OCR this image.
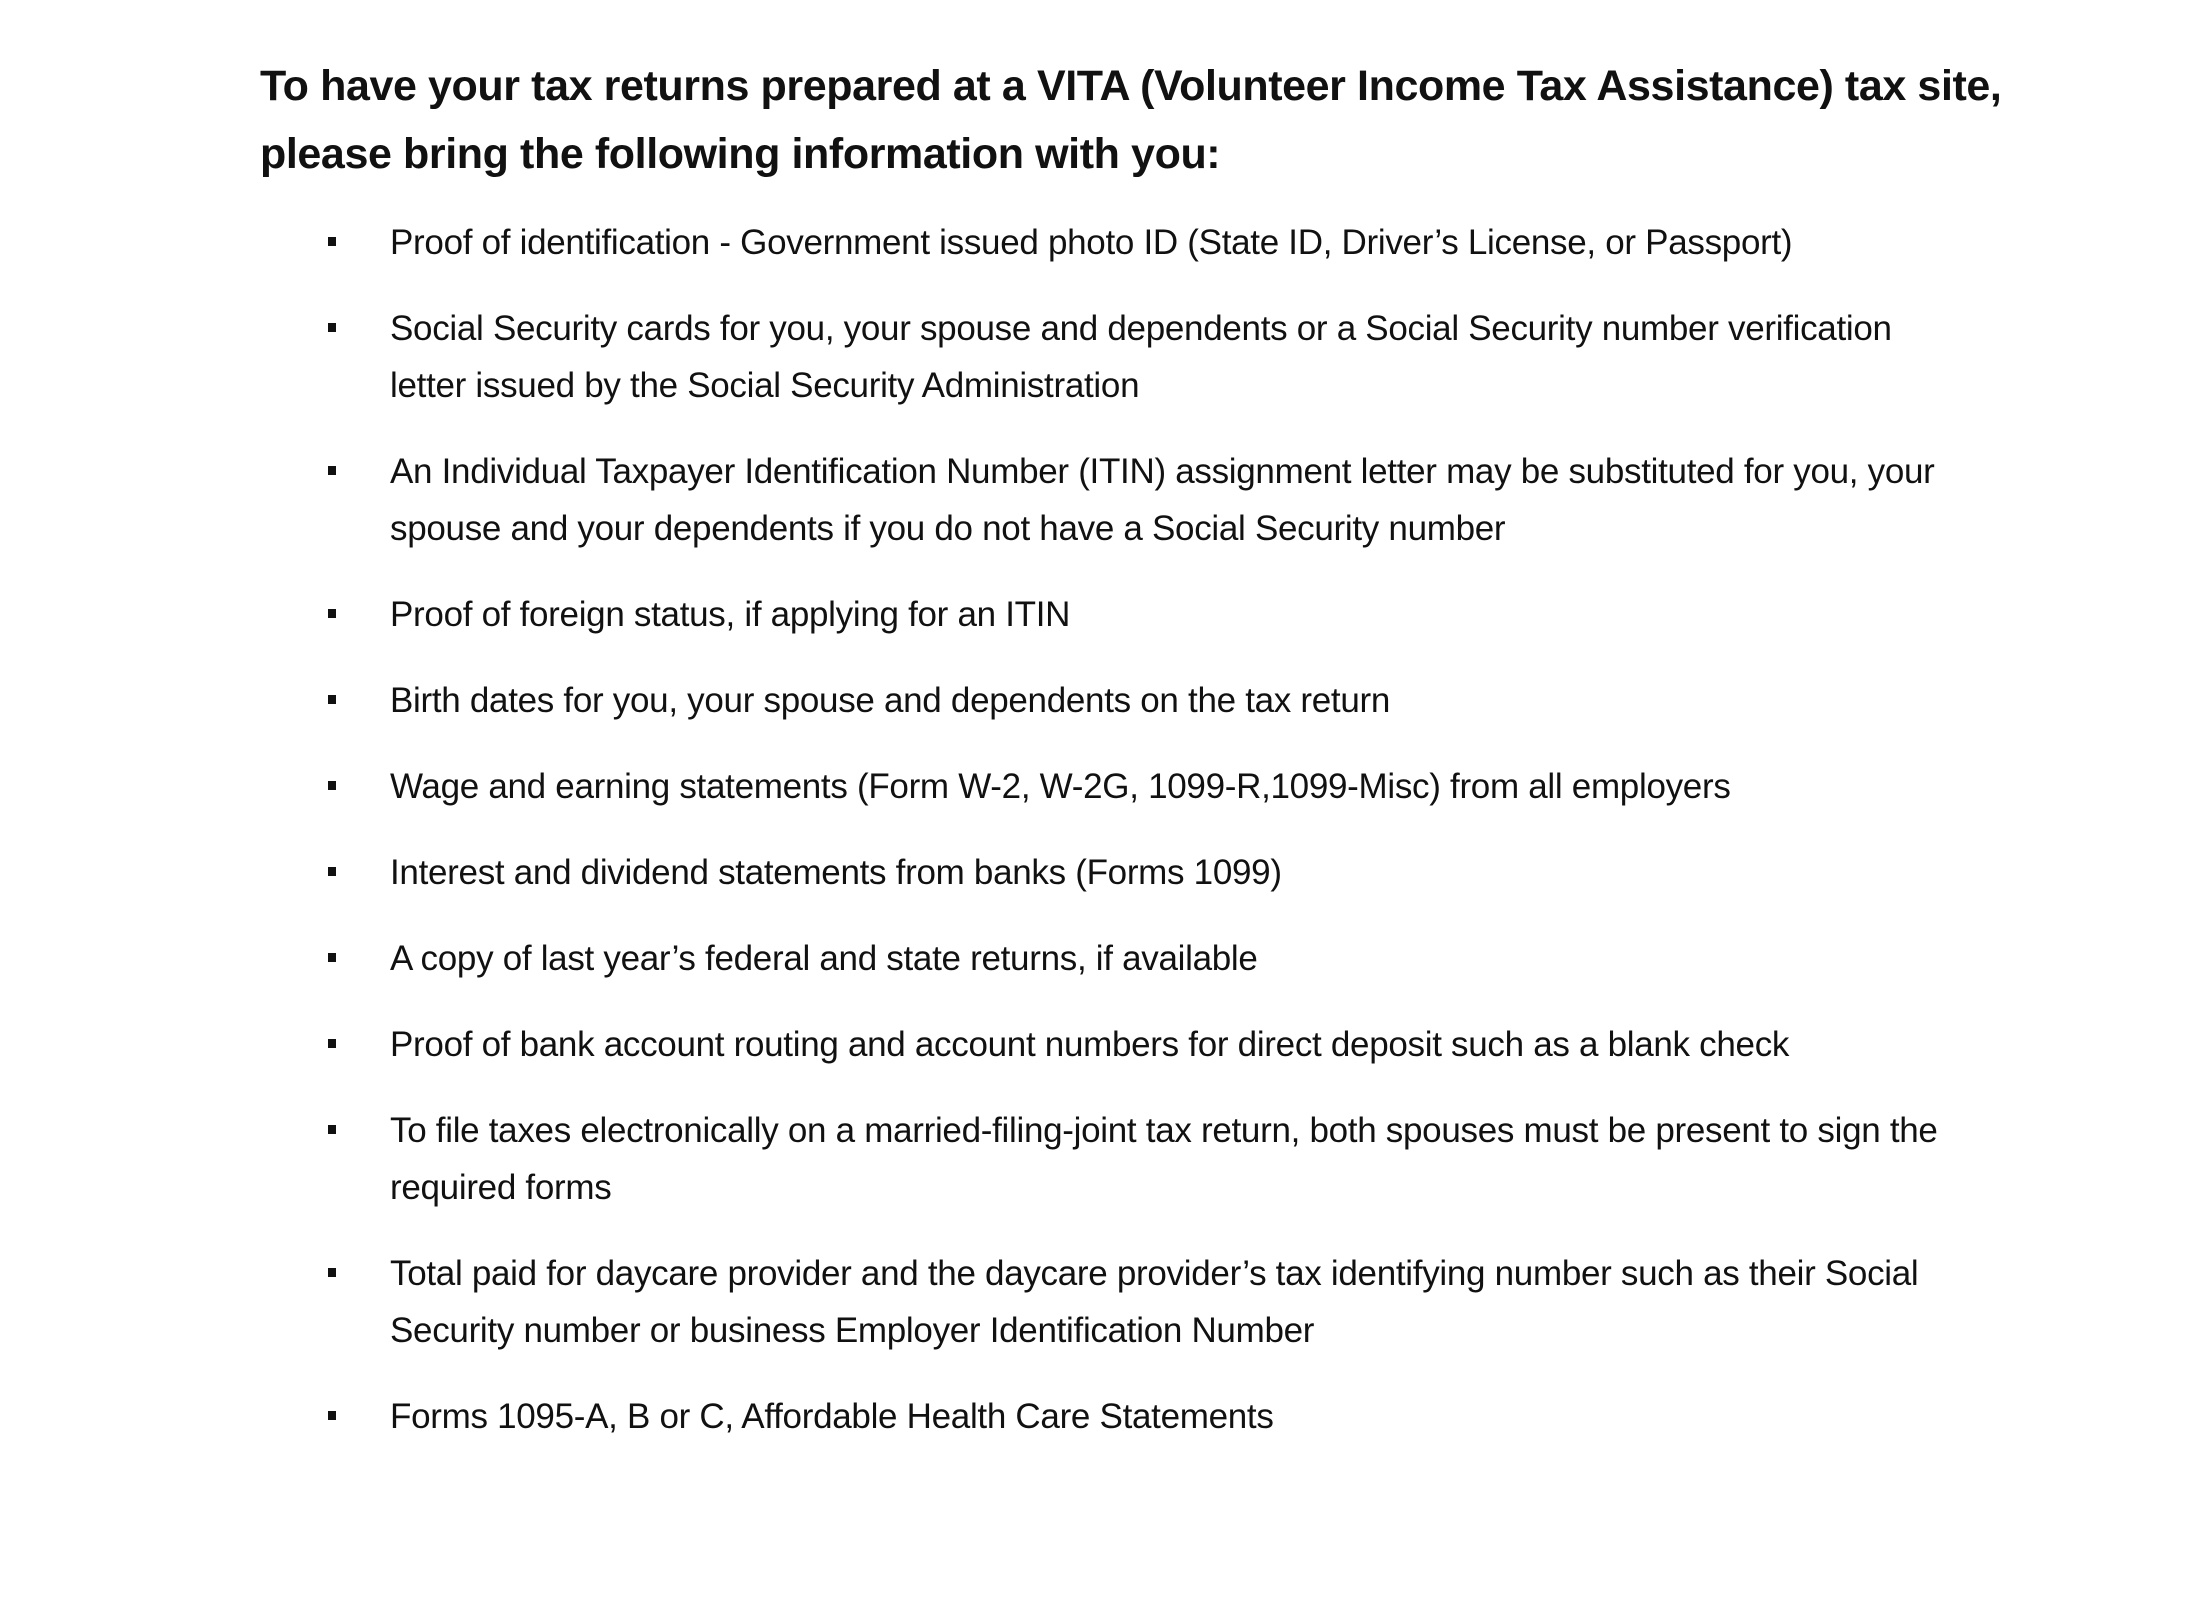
To have your tax returns prepared at a VITA (Volunteer Income Tax Assistance) tax site, please bring the following information with you:
Proof of identification - Government issued photo ID (State ID, Driver’s License, or Passport)
Social Security cards for you, your spouse and dependents or a Social Security number verification letter issued by the Social Security Administration
An Individual Taxpayer Identification Number (ITIN) assignment letter may be substituted for you, your spouse and your dependents if you do not have a Social Security number
Proof of foreign status, if applying for an ITIN
Birth dates for you, your spouse and dependents on the tax return
Wage and earning statements (Form W-2, W-2G, 1099-R,1099-Misc) from all employers
Interest and dividend statements from banks (Forms 1099)
A copy of last year’s federal and state returns, if available
Proof of bank account routing and account numbers for direct deposit such as a blank check
To file taxes electronically on a married-filing-joint tax return, both spouses must be present to sign the required forms
Total paid for daycare provider and the daycare provider’s tax identifying number such as their Social Security number or business Employer Identification Number
Forms 1095-A, B or C, Affordable Health Care Statements
